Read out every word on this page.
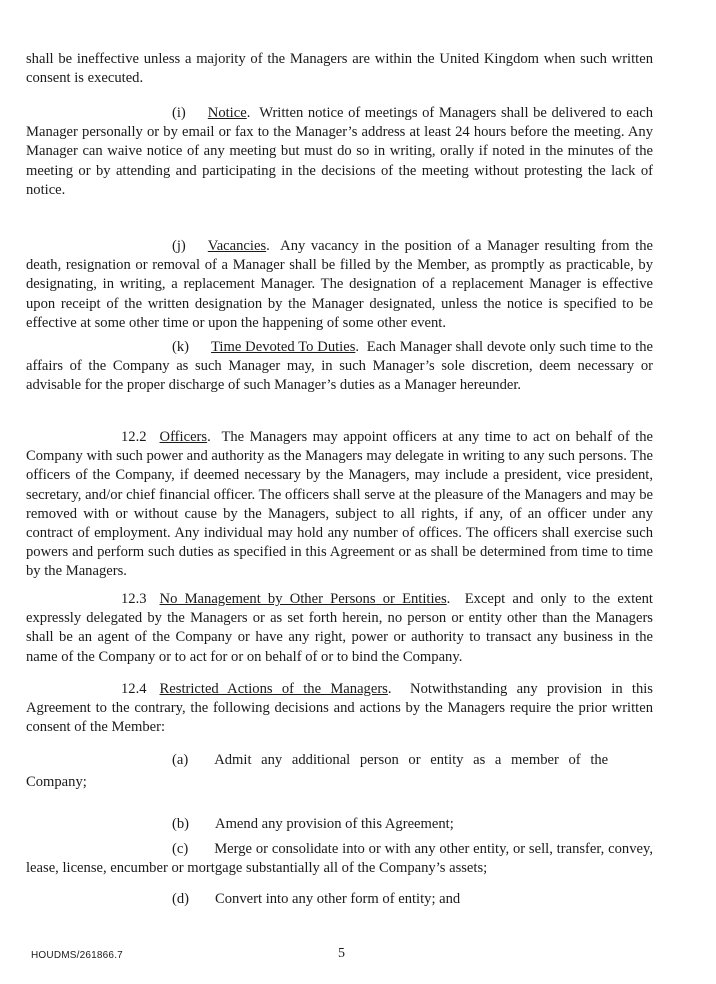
shall be ineffective unless a majority of the Managers are within the United Kingdom when such written consent is executed.

(i) Notice.  Written notice of meetings of Managers shall be delivered to each Manager personally or by email or fax to the Manager’s address at least 24 hours before the meeting. Any Manager can waive notice of any meeting but must do so in writing, orally if noted in the minutes of the meeting or by attending and participating in the decisions of the meeting without protesting the lack of notice.

(j) Vacancies.  Any vacancy in the position of a Manager resulting from the death, resignation or removal of a Manager shall be filled by the Member, as promptly as practicable, by designating, in writing, a replacement Manager. The designation of a replacement Manager is effective upon receipt of the written designation by the Manager designated, unless the notice is specified to be effective at some other time or upon the happening of some other event.

(k) Time Devoted To Duties.  Each Manager shall devote only such time to the affairs of the Company as such Manager may, in such Manager’s sole discretion, deem necessary or advisable for the proper discharge of such Manager’s duties as a Manager hereunder.

12.2 Officers.  The Managers may appoint officers at any time to act on behalf of the Company with such power and authority as the Managers may delegate in writing to any such persons. The officers of the Company, if deemed necessary by the Managers, may include a president, vice president, secretary, and/or chief financial officer. The officers shall serve at the pleasure of the Managers and may be removed with or without cause by the Managers, subject to all rights, if any, of an officer under any contract of employment. Any individual may hold any number of offices. The officers shall exercise such powers and perform such duties as specified in this Agreement or as shall be determined from time to time by the Managers.

12.3 No Management by Other Persons or Entities.  Except and only to the extent expressly delegated by the Managers or as set forth herein, no person or entity other than the Managers shall be an agent of the Company or have any right, power or authority to transact any business in the name of the Company or to act for or on behalf of or to bind the Company.

12.4 Restricted Actions of the Managers.  Notwithstanding any provision in this Agreement to the contrary, the following decisions and actions by the Managers require the prior written consent of the Member:

(a) Admit any additional person or entity as a member of the

Company;

(b) Amend any provision of this Agreement;

(c) Merge or consolidate into or with any other entity, or sell, transfer, convey, lease, license, encumber or mortgage substantially all of the Company’s assets;

(d) Convert into any other form of entity; and

HOUDMS/261866.7	5
